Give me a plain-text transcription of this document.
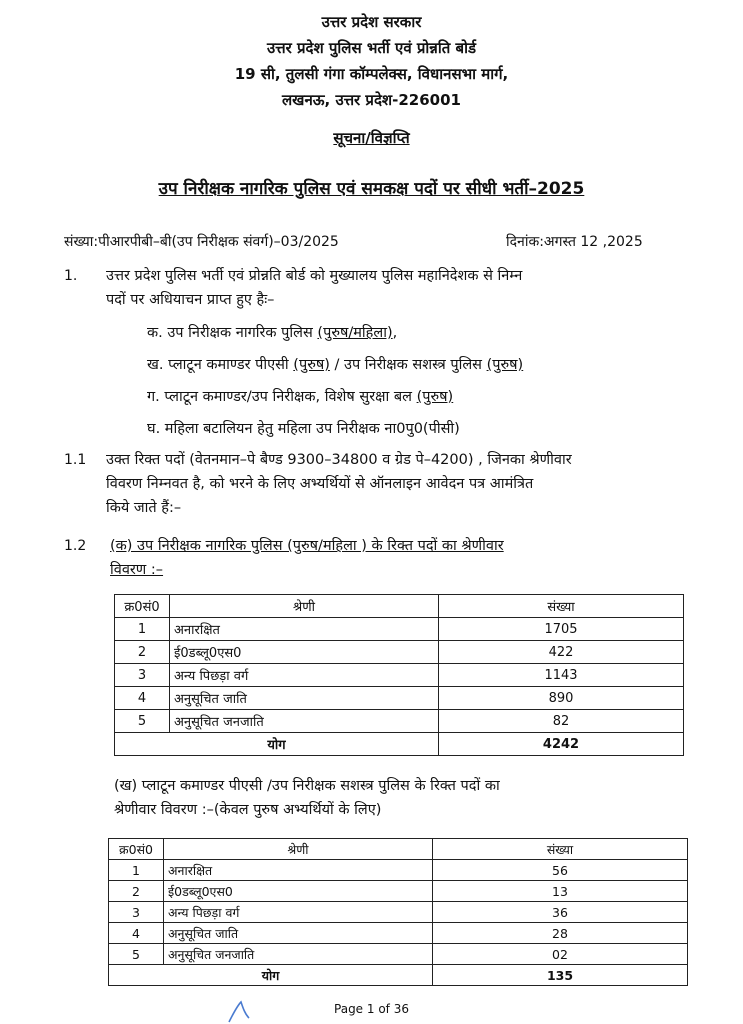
उत्तर प्रदेश सरकार
उत्तर प्रदेश पुलिस भर्ती एवं प्रोन्नति बोर्ड
19 सी, तुलसी गंगा कॉम्पलेक्स, विधानसभा मार्ग,
लखनऊ, उत्तर प्रदेश-226001
सूचना/विज्ञप्ति
उप निरीक्षक नागरिक पुलिस एवं समकक्ष पदों पर सीधी भर्ती–2025
संख्या:पीआरपीबी–बी(उप निरीक्षक संवर्ग)–03/2025	दिनांक:अगस्त 12 ,2025
1. उत्तर प्रदेश पुलिस भर्ती एवं प्रोन्नति बोर्ड को मुख्यालय पुलिस महानिदेशक से निम्न
पदों पर अधियाचन प्राप्त हुए हैः–
क. उप निरीक्षक नागरिक पुलिस (पुरुष/महिला),
ख. प्लाटून कमाण्डर पीएसी (पुरुष) / उप निरीक्षक सशस्त्र पुलिस (पुरुष)
ग. प्लाटून कमाण्डर/उप निरीक्षक, विशेष सुरक्षा बल (पुरुष)
घ. महिला बटालियन हेतु महिला उप निरीक्षक ना0पु0(पीसी)
1.1 उक्त रिक्त पदों (वेतनमान–पे बैण्ड 9300–34800 व ग्रेड पे–4200) , जिनका श्रेणीवार
विवरण निम्नवत है, को भरने के लिए अभ्यर्थियों से ऑनलाइन आवेदन पत्र आमंत्रित
किये जाते हैं:–
1.2 (क) उप निरीक्षक नागरिक पुलिस (पुरुष/महिला ) के रिक्त पदों का श्रेणीवार
विवरण :–
क्र0सं0	श्रेणी	संख्या
1	अनारक्षित	1705
2	ई0डब्लू0एस0	422
3	अन्य पिछड़ा वर्ग	1143
4	अनुसूचित जाति	890
5	अनुसूचित जनजाति	82
योग		4242
(ख) प्लाटून कमाण्डर पीएसी /उप निरीक्षक सशस्त्र पुलिस के रिक्त पदों का
श्रेणीवार विवरण :–(केवल पुरुष अभ्यर्थियों के लिए)
क्र0सं0	श्रेणी	संख्या
1	अनारक्षित	56
2	ई0डब्लू0एस0	13
3	अन्य पिछड़ा वर्ग	36
4	अनुसूचित जाति	28
5	अनुसूचित जनजाति	02
योग		135
Page 1 of 36
